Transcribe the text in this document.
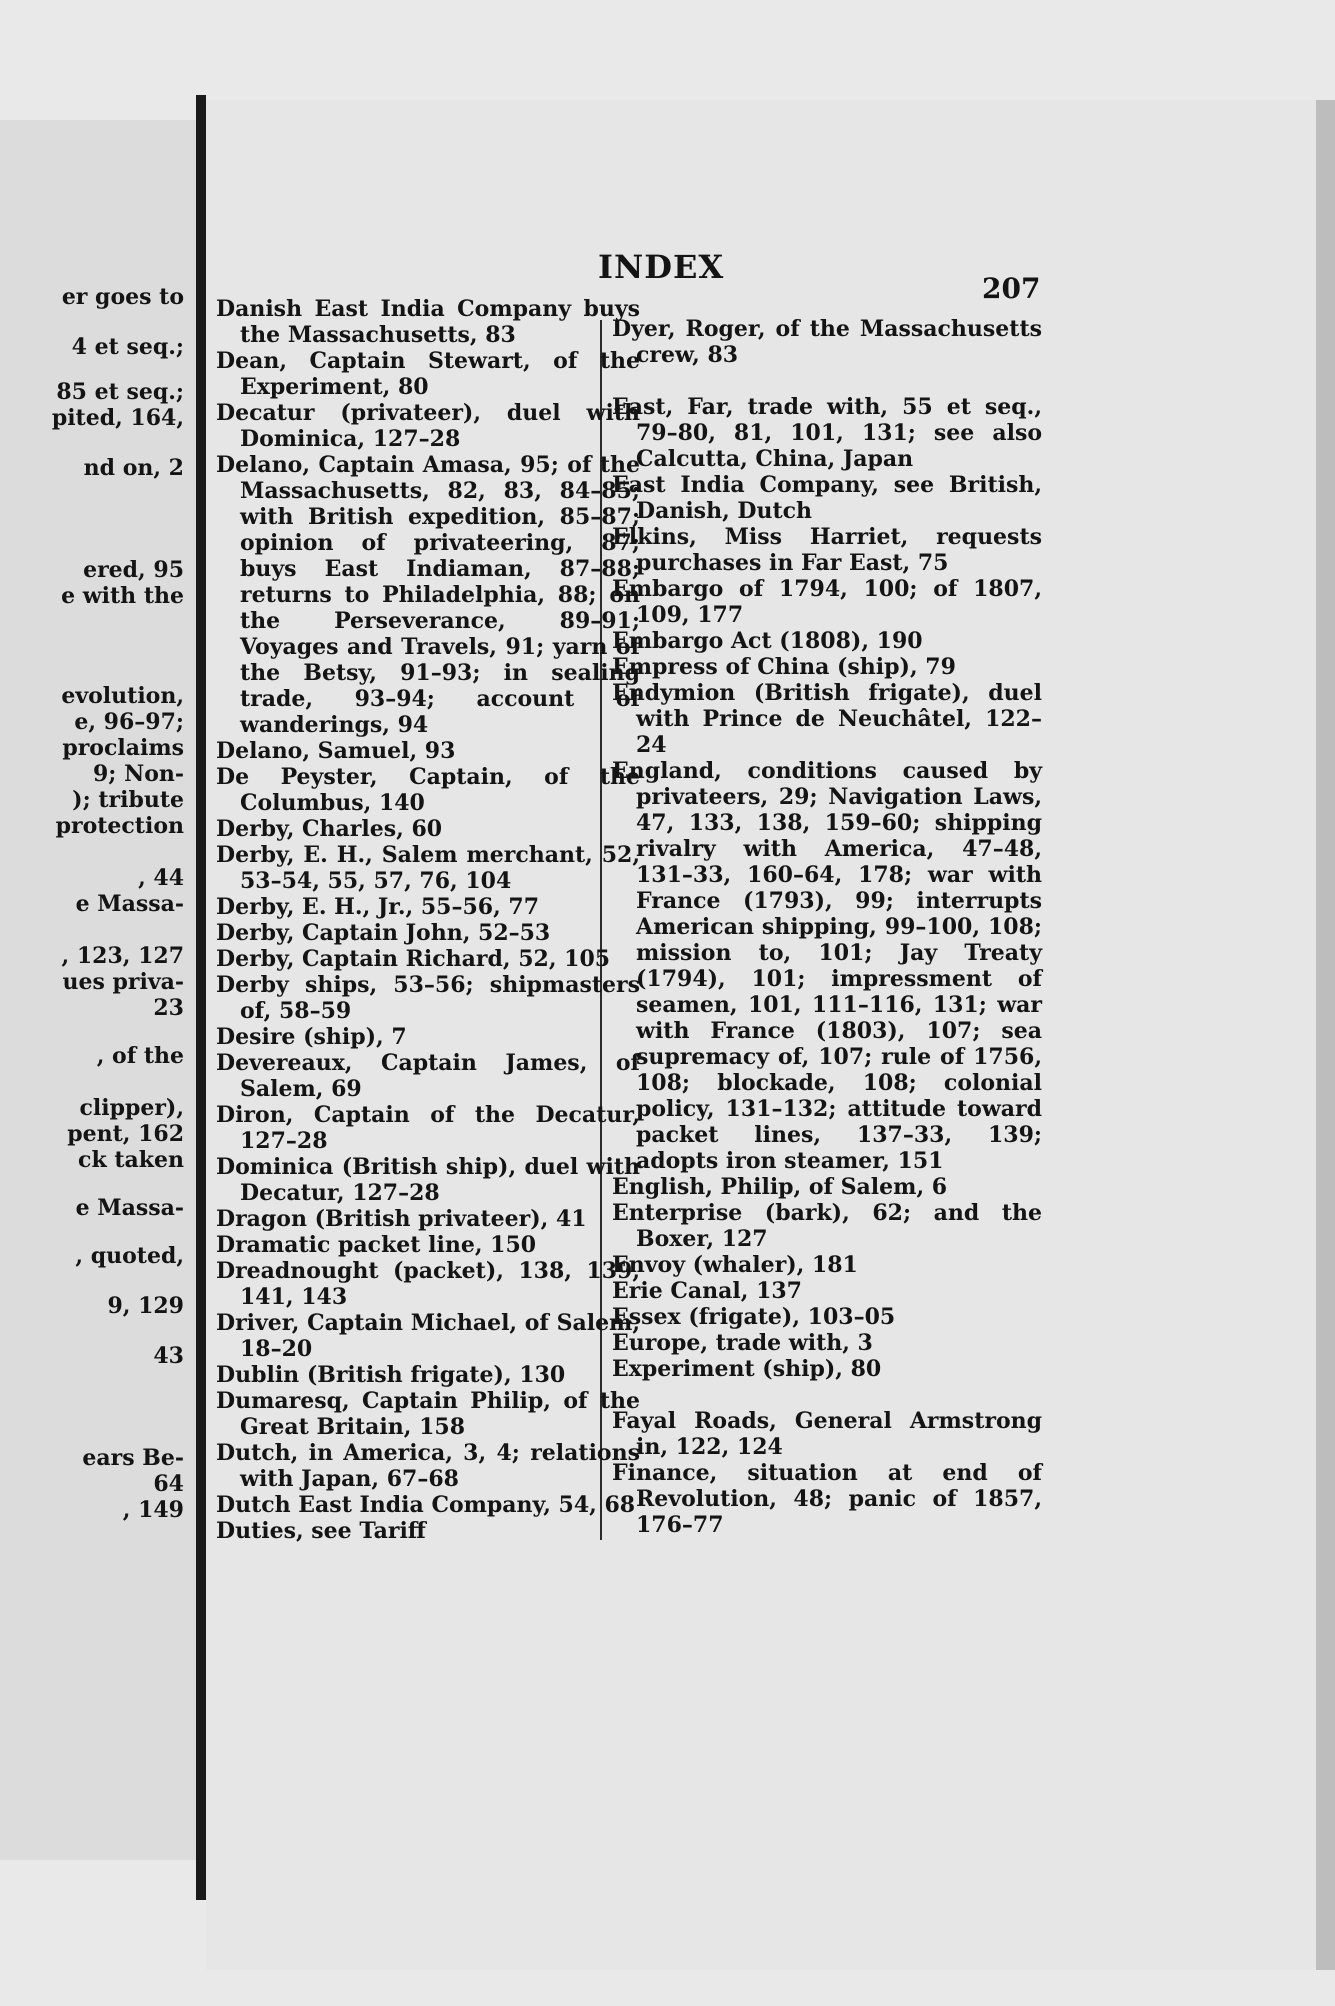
er goes to
4 et seq.;
85 et seq.;
pited, 164,
nd on, 2
ered, 95
e with the
evolution,
e, 96–97;
proclaims
9; Non-
); tribute
protection
, 44
e Massa-
, 123, 127
ues priva-
23
, of the
clipper),
pent, 162
ck taken
e Massa-
, quoted,
9, 129
43
ears Be-
64
, 149
INDEX
207
Danish East India Company buys the Massachusetts, 83
Dean, Captain Stewart, of the Experiment, 80
Decatur (privateer), duel with Dominica, 127–28
Delano, Captain Amasa, 95; of the Massachusetts, 82, 83, 84–85; with British expedition, 85–87; opinion of privateering, 87; buys East Indiaman, 87–88; returns to Philadelphia, 88; on the Perseverance, 89–91; Voyages and Travels, 91; yarn of the Betsy, 91–93; in sealing trade, 93–94; account of wanderings, 94
Delano, Samuel, 93
De Peyster, Captain, of the Columbus, 140
Derby, Charles, 60
Derby, E. H., Salem merchant, 52, 53–54, 55, 57, 76, 104
Derby, E. H., Jr., 55–56, 77
Derby, Captain John, 52–53
Derby, Captain Richard, 52, 105
Derby ships, 53–56; shipmasters of, 58–59
Desire (ship), 7
Devereaux, Captain James, of Salem, 69
Diron, Captain of the Decatur, 127–28
Dominica (British ship), duel with Decatur, 127–28
Dragon (British privateer), 41
Dramatic packet line, 150
Dreadnought (packet), 138, 139, 141, 143
Driver, Captain Michael, of Salem, 18–20
Dublin (British frigate), 130
Dumaresq, Captain Philip, of the Great Britain, 158
Dutch, in America, 3, 4; relations with Japan, 67–68
Dutch East India Company, 54, 68
Duties, see Tariff
Dyer, Roger, of the Massachusetts crew, 83
East, Far, trade with, 55 et seq., 79–80, 81, 101, 131; see also Calcutta, China, Japan
East India Company, see British, Danish, Dutch
Elkins, Miss Harriet, requests purchases in Far East, 75
Embargo of 1794, 100; of 1807, 109, 177
Embargo Act (1808), 190
Empress of China (ship), 79
Endymion (British frigate), duel with Prince de Neuchâtel, 122–24
England, conditions caused by privateers, 29; Navigation Laws, 47, 133, 138, 159–60; shipping rivalry with America, 47–48, 131–33, 160–64, 178; war with France (1793), 99; interrupts American shipping, 99–100, 108; mission to, 101; Jay Treaty (1794), 101; impressment of seamen, 101, 111–116, 131; war with France (1803), 107; sea supremacy of, 107; rule of 1756, 108; blockade, 108; colonial policy, 131–132; attitude toward packet lines, 137–33, 139; adopts iron steamer, 151
English, Philip, of Salem, 6
Enterprise (bark), 62; and the Boxer, 127
Envoy (whaler), 181
Erie Canal, 137
Essex (frigate), 103–05
Europe, trade with, 3
Experiment (ship), 80
Fayal Roads, General Armstrong in, 122, 124
Finance, situation at end of Revolution, 48; panic of 1857, 176–77
